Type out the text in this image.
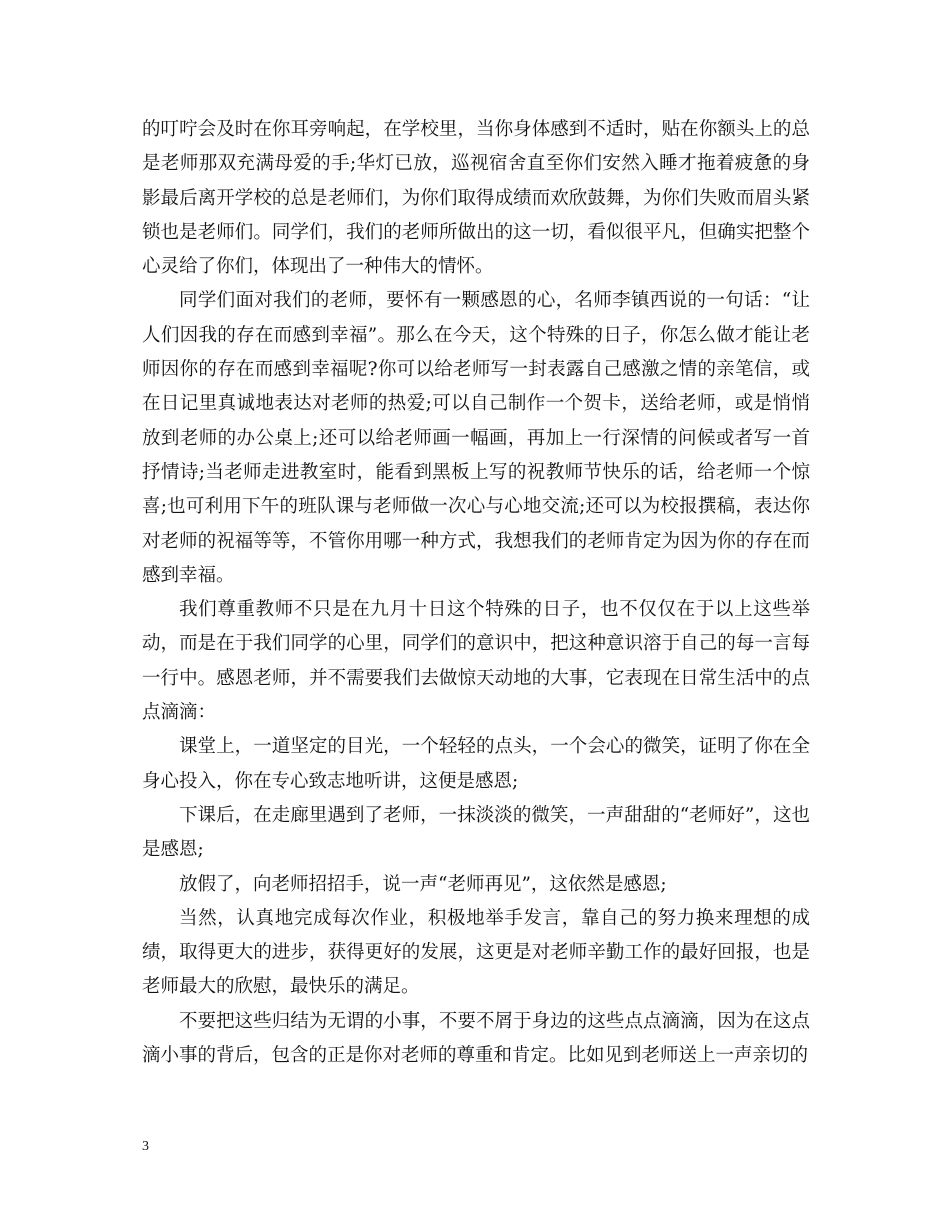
的叮咛会及时在你耳旁响起，在学校里，当你身体感到不适时，贴在你额头上的总是老师那双充满母爱的手;华灯已放，巡视宿舍直至你们安然入睡才拖着疲惫的身影最后离开学校的总是老师们，为你们取得成绩而欢欣鼓舞，为你们失败而眉头紧锁也是老师们。同学们，我们的老师所做出的这一切，看似很平凡，但确实把整个心灵给了你们，体现出了一种伟大的情怀。

同学们面对我们的老师，要怀有一颗感恩的心，名师李镇西说的一句话：“让人们因我的存在而感到幸福”。那么在今天，这个特殊的日子，你怎么做才能让老师因你的存在而感到幸福呢?你可以给老师写一封表露自己感激之情的亲笔信，或在日记里真诚地表达对老师的热爱;可以自己制作一个贺卡，送给老师，或是悄悄放到老师的办公桌上;还可以给老师画一幅画，再加上一行深情的问候或者写一首抒情诗;当老师走进教室时，能看到黑板上写的祝教师节快乐的话，给老师一个惊喜;也可利用下午的班队课与老师做一次心与心地交流;还可以为校报撰稿，表达你对老师的祝福等等，不管你用哪一种方式，我想我们的老师肯定为因为你的存在而感到幸福。

我们尊重教师不只是在九月十日这个特殊的日子，也不仅仅在于以上这些举动，而是在于我们同学的心里，同学们的意识中，把这种意识溶于自己的每一言每一行中。感恩老师，并不需要我们去做惊天动地的大事，它表现在日常生活中的点点滴滴：

课堂上，一道坚定的目光，一个轻轻的点头，一个会心的微笑，证明了你在全身心投入，你在专心致志地听讲，这便是感恩;

下课后，在走廊里遇到了老师，一抹淡淡的微笑，一声甜甜的“老师好”，这也是感恩;

放假了，向老师招招手，说一声“老师再见”，这依然是感恩;

当然，认真地完成每次作业，积极地举手发言，靠自己的努力换来理想的成绩，取得更大的进步，获得更好的发展，这更是对老师辛勤工作的最好回报，也是老师最大的欣慰，最快乐的满足。

不要把这些归结为无谓的小事，不要不屑于身边的这些点点滴滴，因为在这点滴小事的背后，包含的正是你对老师的尊重和肯定。比如见到老师送上一声亲切的

3
